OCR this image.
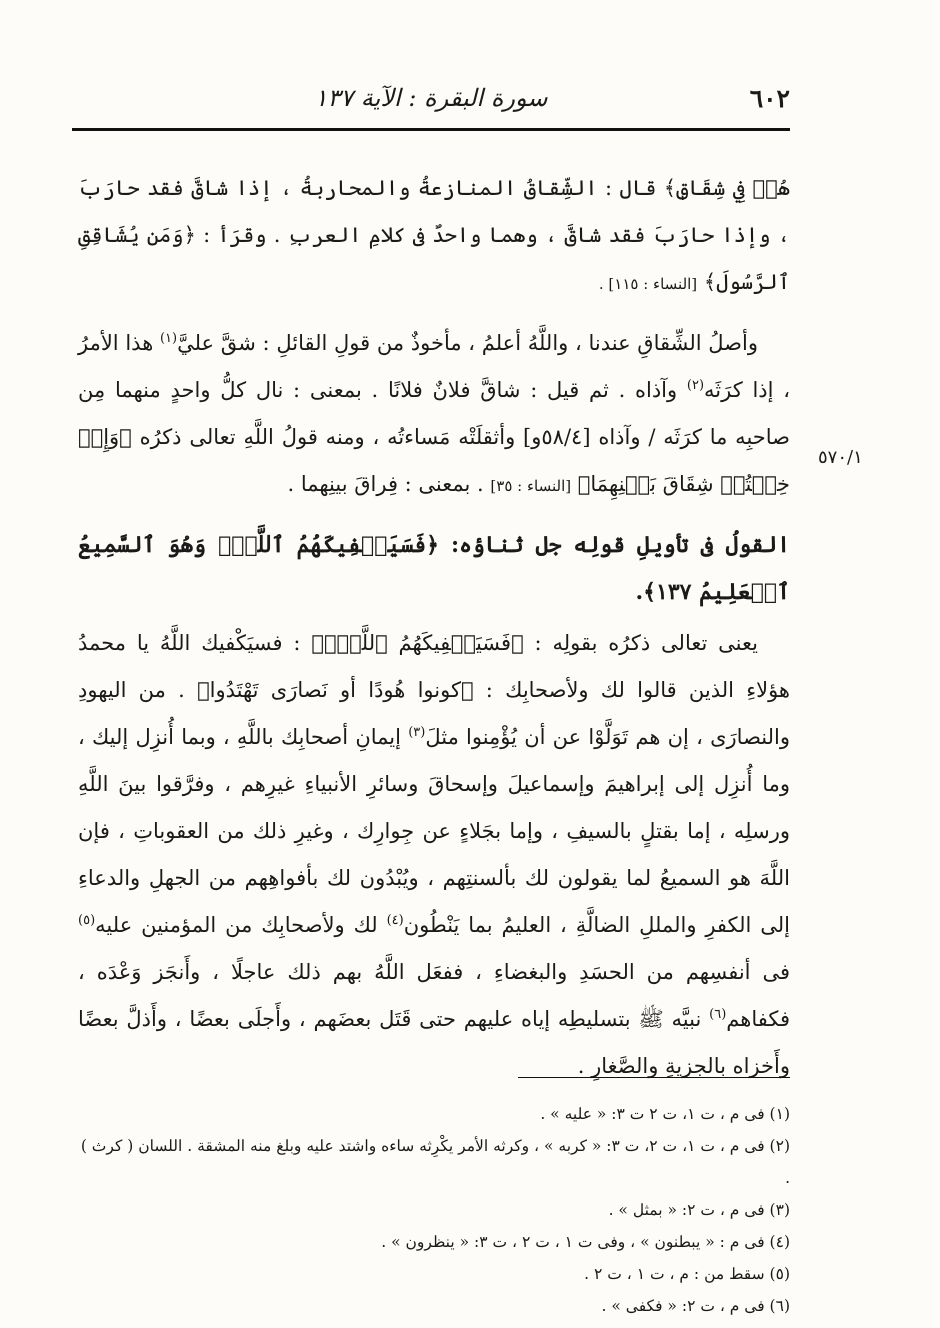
٦٠٢
سورة البقرة : الآية ١٣٧
٥٧٠/١

هُمۡ فِي شِقَاقٖ﴾ قال : الشِّقاقُ المنازعةُ والمحاربةُ ، إذا شاقَّ فقد حارَبَ ، وإذا حارَبَ فقد شاقَّ ، وهما واحدٌ فى كلامِ العربِ . وقرَأ : ﴿وَمَن يُشَاقِقِ ٱلرَّسُولَ﴾ [النساء : ١١٥] .

وأصلُ الشِّقاقِ عندنا ، واللَّهُ أعلمُ ، مأخوذٌ من قولِ القائلِ : شقَّ عليَّ$^{(١)}$ هذا الأمرُ ، إذا كرَثَه$^{(٢)}$ وآذاه . ثم قيل : شاقَّ فلانٌ فلانًا . بمعنى : نال كلُّ واحدٍ منهما مِن صاحبِه ما كرَثَه / وآذاه [٥٨/٤و] وأثقلَتْه مَساءتُه ، ومنه قولُ اللَّهِ تعالى ذكرُه ﴿وَإِنۡ خِفۡتُمۡ شِقَاقَ بَيۡنِهِمَا﴾ [النساء : ٣٥] . بمعنى : فِراقَ بينِهما .

القولُ فى تأويلِ قولِه جل ثناؤه: ﴿فَسَيَكۡفِيكَهُمُ ٱللَّهُۚ وَهُوَ ٱلسَّمِيعُ ٱلۡعَلِيمُ ١٣٧﴾.

يعنى تعالى ذكرُه بقولِه : ﴿فَسَيَكۡفِيكَهُمُ ٱللَّهُۚ﴾ : فسيَكْفيك اللَّهُ يا محمدُ هؤلاءِ الذين قالوا لك ولأصحابِك : ﴿كونوا هُودًا أو نَصارَى تَهْتَدُوا﴾ . من اليهودِ والنصارَى ، إن هم تَوَلَّوْا عن أن يُؤْمِنوا مثلَ$^{(٣)}$ إيمانِ أصحابِك باللَّهِ ، وبما أُنزِل إليك ، وما أُنزِل إلى إبراهيمَ وإسماعيلَ وإسحاقَ وسائرِ الأنبياءِ غيرِهم ، وفرَّقوا بينَ اللَّهِ ورسلِه ، إما بقتلٍ بالسيفِ ، وإما بجَلاءٍ عن جِوارِك ، وغيرِ ذلك من العقوباتِ ، فإن اللَّهَ هو السميعُ لما يقولون لك بألسنتِهم ، ويُبْدُون لك بأفواهِهم من الجهلِ والدعاءِ إلى الكفرِ والمللِ الضالَّةِ ، العليمُ بما يَنْطُون$^{(٤)}$ لك ولأصحابِك من المؤمنين عليه$^{(٥)}$ فى أنفسِهم من الحسَدِ والبغضاءِ ، ففعَل اللَّهُ بهم ذلك عاجلًا ، وأَنجَز وَعْدَه ، فكفاهم$^{(٦)}$ نبيَّه ﷺ بتسليطِه إياه عليهم حتى قَتَل بعضَهم ، وأَجلَى بعضًا ، وأَذلَّ بعضًا وأَخزاه بالجزيةِ والصَّغارِ .

(١) فى م ، ت ١، ت ٢ ت ٣: « عليه » .

(٢) فى م ، ت ١، ت ٢، ت ٣: « كربه » ، وكرثه الأمر يكْرِثه ساءه واشتد عليه وبلغ منه المشقة . اللسان ( كرث ) .

(٣) فى م ، ت ٢: « بمثل » .

(٤) فى م : « يبطنون » ، وفى ت ١ ، ت ٢ ، ت ٣: « ينظرون » .

(٥) سقط من : م ، ت ١ ، ت ٢ .

(٦) فى م ، ت ٢: « فكفى » .
